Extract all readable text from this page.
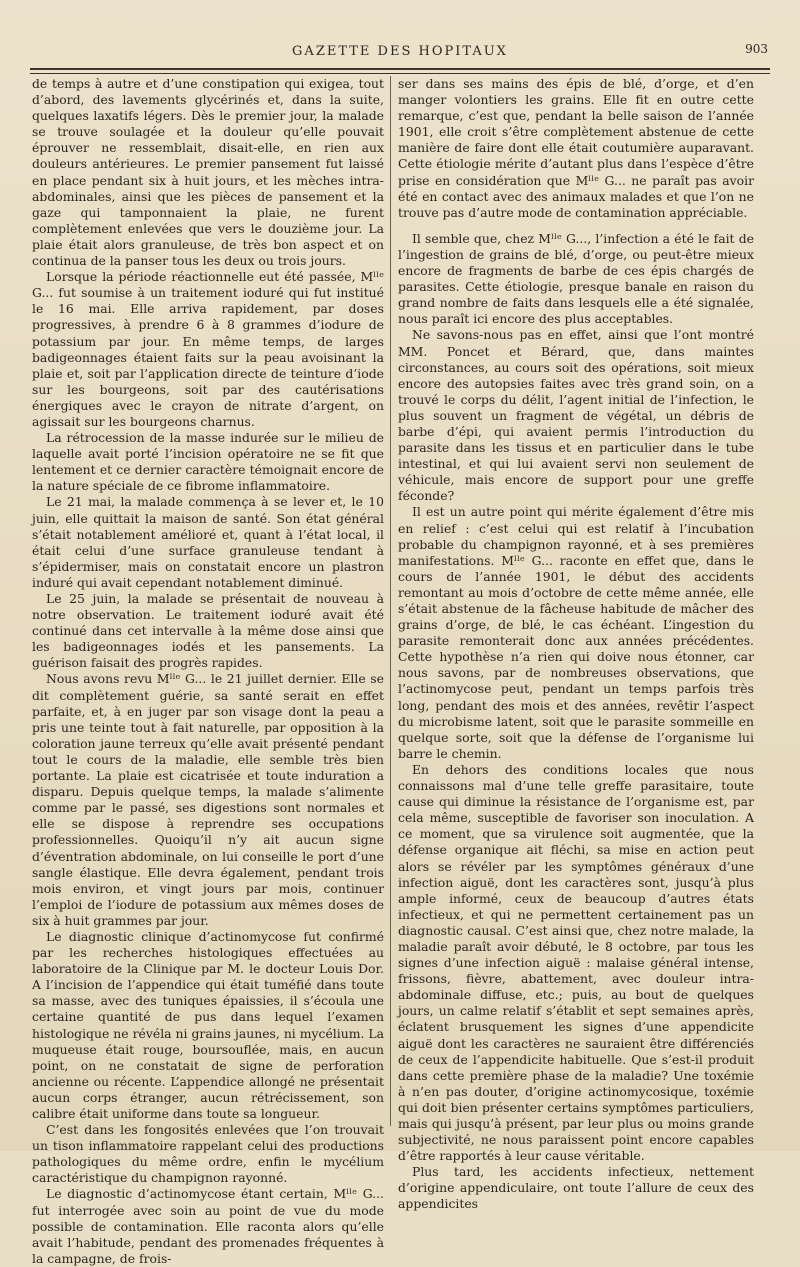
GAZETTE DES HOPITAUX	903

de temps à autre et d’une constipation qui exigea, tout d’abord, des lavements glycérinés et, dans la suite, quelques laxatifs légers. Dès le premier jour, la malade se trouve soulagée et la douleur qu’elle pouvait éprouver ne ressemblait, disait-elle, en rien aux douleurs antérieures. Le premier pansement fut laissé en place pendant six à huit jours, et les mèches intra-abdominales, ainsi que les pièces de pansement et la gaze qui tamponnaient la plaie, ne furent complètement enlevées que vers le douzième jour. La plaie était alors granuleuse, de très bon aspect et on continua de la panser tous les deux ou trois jours.

Lorsque la période réactionnelle eut été passée, Mˡˡᵉ G... fut soumise à un traitement ioduré qui fut institué le 16 mai. Elle arriva rapidement, par doses progressives, à prendre 6 à 8 grammes d’iodure de potassium par jour. En même temps, de larges badigeonnages étaient faits sur la peau avoisinant la plaie et, soit par l’application directe de teinture d’iode sur les bourgeons, soit par des cautérisations énergiques avec le crayon de nitrate d’argent, on agissait sur les bourgeons charnus.

La rétrocession de la masse indurée sur le milieu de laquelle avait porté l’incision opératoire ne se fit que lentement et ce dernier caractère témoignait encore de la nature spéciale de ce fibrome inflammatoire.

Le 21 mai, la malade commença à se lever et, le 10 juin, elle quittait la maison de santé. Son état général s’était notablement amélioré et, quant à l’état local, il était celui d’une surface granuleuse tendant à s’épidermiser, mais on constatait encore un plastron induré qui avait cependant notablement diminué.

Le 25 juin, la malade se présentait de nouveau à notre observation. Le traitement ioduré avait été continué dans cet intervalle à la même dose ainsi que les badigeonnages iodés et les pansements. La guérison faisait des progrès rapides.

Nous avons revu Mˡˡᵉ G... le 21 juillet dernier. Elle se dit complètement guérie, sa santé serait en effet parfaite, et, à en juger par son visage dont la peau a pris une teinte tout à fait naturelle, par opposition à la coloration jaune terreux qu’elle avait présenté pendant tout le cours de la maladie, elle semble très bien portante. La plaie est cicatrisée et toute induration a disparu. Depuis quelque temps, la malade s’alimente comme par le passé, ses digestions sont normales et elle se dispose à reprendre ses occupations professionnelles. Quoiqu’il n’y ait aucun signe d’éventration abdominale, on lui conseille le port d’une sangle élastique. Elle devra également, pendant trois mois environ, et vingt jours par mois, continuer l’emploi de l’iodure de potassium aux mêmes doses de six à huit grammes par jour.

Le diagnostic clinique d’actinomycose fut confirmé par les recherches histologiques effectuées au laboratoire de la Clinique par M. le docteur Louis Dor. A l’incision de l’appendice qui était tuméfié dans toute sa masse, avec des tuniques épaissies, il s’écoula une certaine quantité de pus dans lequel l’examen histologique ne révéla ni grains jaunes, ni mycélium. La muqueuse était rouge, boursouflée, mais, en aucun point, on ne constatait de signe de perforation ancienne ou récente. L’appendice allongé ne présentait aucun corps étranger, aucun rétrécissement, son calibre était uniforme dans toute sa longueur.

C’est dans les fongosités enlevées que l’on trouvait un tison inflammatoire rappelant celui des productions pathologiques du même ordre, enfin le mycélium caractéristique du champignon rayonné.

Le diagnostic d’actinomycose étant certain, Mˡˡᵉ G... fut interrogée avec soin au point de vue du mode possible de contamination. Elle raconta alors qu’elle avait l’habitude, pendant des promenades fréquentes à la campagne, de frois-

ser dans ses mains des épis de blé, d’orge, et d’en manger volontiers les grains. Elle fit en outre cette remarque, c’est que, pendant la belle saison de l’année 1901, elle croit s’être complètement abstenue de cette manière de faire dont elle était coutumière auparavant. Cette étiologie mérite d’autant plus dans l’espèce d’être prise en considération que Mˡˡᵉ G... ne paraît pas avoir été en contact avec des animaux malades et que l’on ne trouve pas d’autre mode de contamination appréciable.

Il semble que, chez Mˡˡᵉ G..., l’infection a été le fait de l’ingestion de grains de blé, d’orge, ou peut-être mieux encore de fragments de barbe de ces épis chargés de parasites. Cette étiologie, presque banale en raison du grand nombre de faits dans lesquels elle a été signalée, nous paraît ici encore des plus acceptables.

Ne savons-nous pas en effet, ainsi que l’ont montré MM. Poncet et Bérard, que, dans maintes circonstances, au cours soit des opérations, soit mieux encore des autopsies faites avec très grand soin, on a trouvé le corps du délit, l’agent initial de l’infection, le plus souvent un fragment de végétal, un débris de barbe d’épi, qui avaient permis l’introduction du parasite dans les tissus et en particulier dans le tube intestinal, et qui lui avaient servi non seulement de véhicule, mais encore de support pour une greffe féconde?

Il est un autre point qui mérite également d’être mis en relief : c’est celui qui est relatif à l’incubation probable du champignon rayonné, et à ses premières manifestations. Mˡˡᵉ G... raconte en effet que, dans le cours de l’année 1901, le début des accidents remontant au mois d’octobre de cette même année, elle s’était abstenue de la fâcheuse habitude de mâcher des grains d’orge, de blé, le cas échéant. L’ingestion du parasite remonterait donc aux années précédentes. Cette hypothèse n’a rien qui doive nous étonner, car nous savons, par de nombreuses observations, que l’actinomycose peut, pendant un temps parfois très long, pendant des mois et des années, revêtir l’aspect du microbisme latent, soit que le parasite sommeille en quelque sorte, soit que la défense de l’organisme lui barre le chemin.

En dehors des conditions locales que nous connaissons mal d’une telle greffe parasitaire, toute cause qui diminue la résistance de l’organisme est, par cela même, susceptible de favoriser son inoculation. A ce moment, que sa virulence soit augmentée, que la défense organique ait fléchi, sa mise en action peut alors se révéler par les symptômes généraux d’une infection aiguë, dont les caractères sont, jusqu’à plus ample informé, ceux de beaucoup d’autres états infectieux, et qui ne permettent certainement pas un diagnostic causal. C’est ainsi que, chez notre malade, la maladie paraît avoir débuté, le 8 octobre, par tous les signes d’une infection aiguë : malaise général intense, frissons, fièvre, abattement, avec douleur intra-abdominale diffuse, etc.; puis, au bout de quelques jours, un calme relatif s’établit et sept semaines après, éclatent brusquement les signes d’une appendicite aiguë dont les caractères ne sauraient être différenciés de ceux de l’appendicite habituelle. Que s’est-il produit dans cette première phase de la maladie? Une toxémie à n’en pas douter, d’origine actinomycosique, toxémie qui doit bien présenter certains symptômes particuliers, mais qui jusqu’à présent, par leur plus ou moins grande subjectivité, ne nous paraissent point encore capables d’être rapportés à leur cause véritable.

Plus tard, les accidents infectieux, nettement d’origine appendiculaire, ont toute l’allure de ceux des appendicites
